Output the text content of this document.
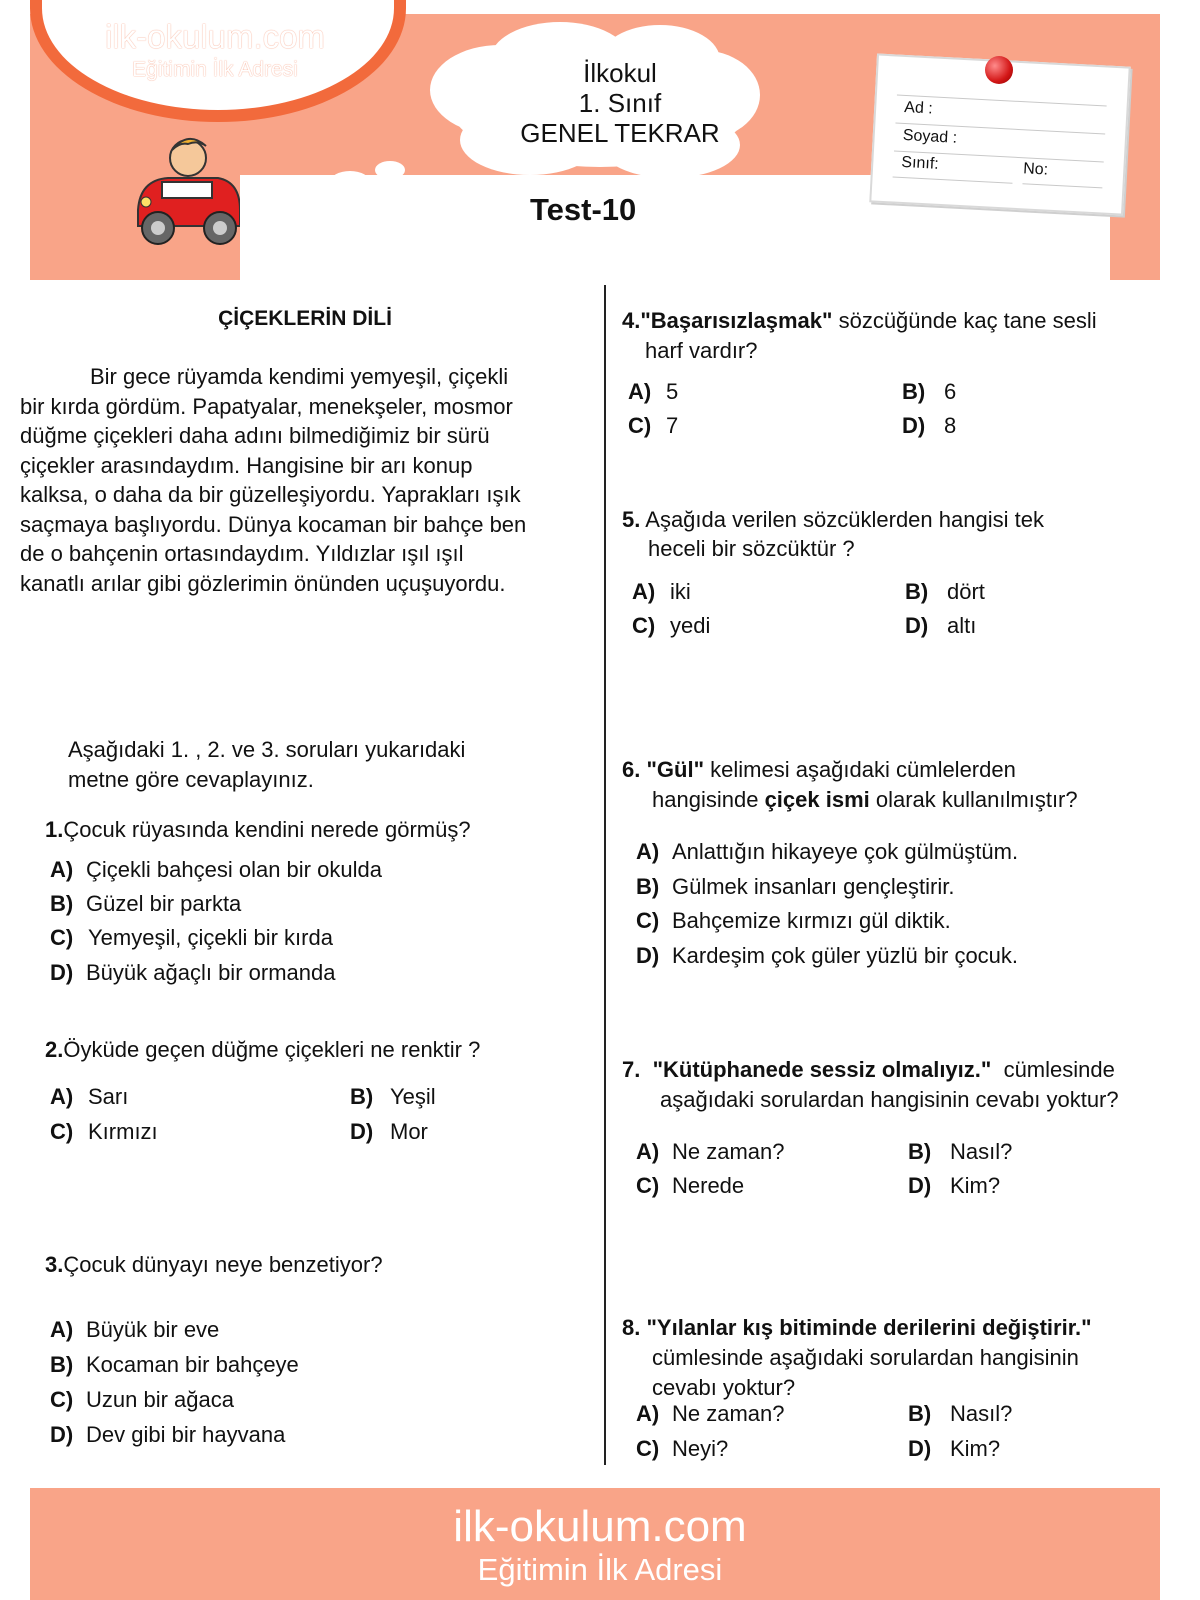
İlkokul
1. Sınıf
GENEL TEKRAR
ilk-okulum.com
Eğitimin İlk Adresi
Test-10
Ad :
Soyad :
Sınıf:	No:
ÇİÇEKLERİN DİLİ
Bir gece rüyamda kendimi yemyeşil, çiçekli
bir kırda gördüm. Papatyalar, menekşeler, mosmor
düğme çiçekleri daha adını bilmediğimiz bir sürü
çiçekler arasındaydım. Hangisine bir arı konup
kalksa, o daha da bir güzelleşiyordu. Yaprakları ışık
saçmaya başlıyordu. Dünya kocaman bir bahçe ben
de o bahçenin ortasındaydım. Yıldızlar ışıl ışıl
kanatlı arılar gibi gözlerimin önünden uçuşuyordu.
Aşağıdaki 1. , 2. ve 3. soruları yukarıdaki
metne göre cevaplayınız.
1.Çocuk rüyasında kendini nerede görmüş?
A) Çiçekli bahçesi olan bir okulda
B) Güzel bir parkta
C) Yemyeşil, çiçekli bir kırda
D) Büyük ağaçlı bir ormanda
2.Öyküde geçen düğme çiçekleri ne renktir ?
A) Sarı	B) Yeşil
C) Kırmızı	D) Mor
3.Çocuk dünyayı neye benzetiyor?
A) Büyük bir eve
B) Kocaman bir bahçeye
C) Uzun bir ağaca
D) Dev gibi bir hayvana
4."Başarısızlaşmak" sözcüğünde kaç tane sesli
harf vardır?
A) 5	B) 6
C) 7	D) 8
5. Aşağıda verilen sözcüklerden hangisi tek
heceli bir sözcüktür ?
A) iki	B) dört
C) yedi	D) altı
6. "Gül" kelimesi aşağıdaki cümlelerden
hangisinde çiçek ismi olarak kullanılmıştır?
A) Anlattığın hikayeye çok gülmüştüm.
B) Gülmek insanları gençleştirir.
C) Bahçemize kırmızı gül diktik.
D) Kardeşim çok güler yüzlü bir çocuk.
7. "Kütüphanede sessiz olmalıyız." cümlesinde
aşağıdaki sorulardan hangisinin cevabı yoktur?
A) Ne zaman?	B) Nasıl?
C) Nerede	D) Kim?
8. "Yılanlar kış bitiminde derilerini değiştirir."
cümlesinde aşağıdaki sorulardan hangisinin
cevabı yoktur?
A) Ne zaman?	B) Nasıl?
C) Neyi?	D) Kim?
ilk-okulum.com
Eğitimin İlk Adresi
